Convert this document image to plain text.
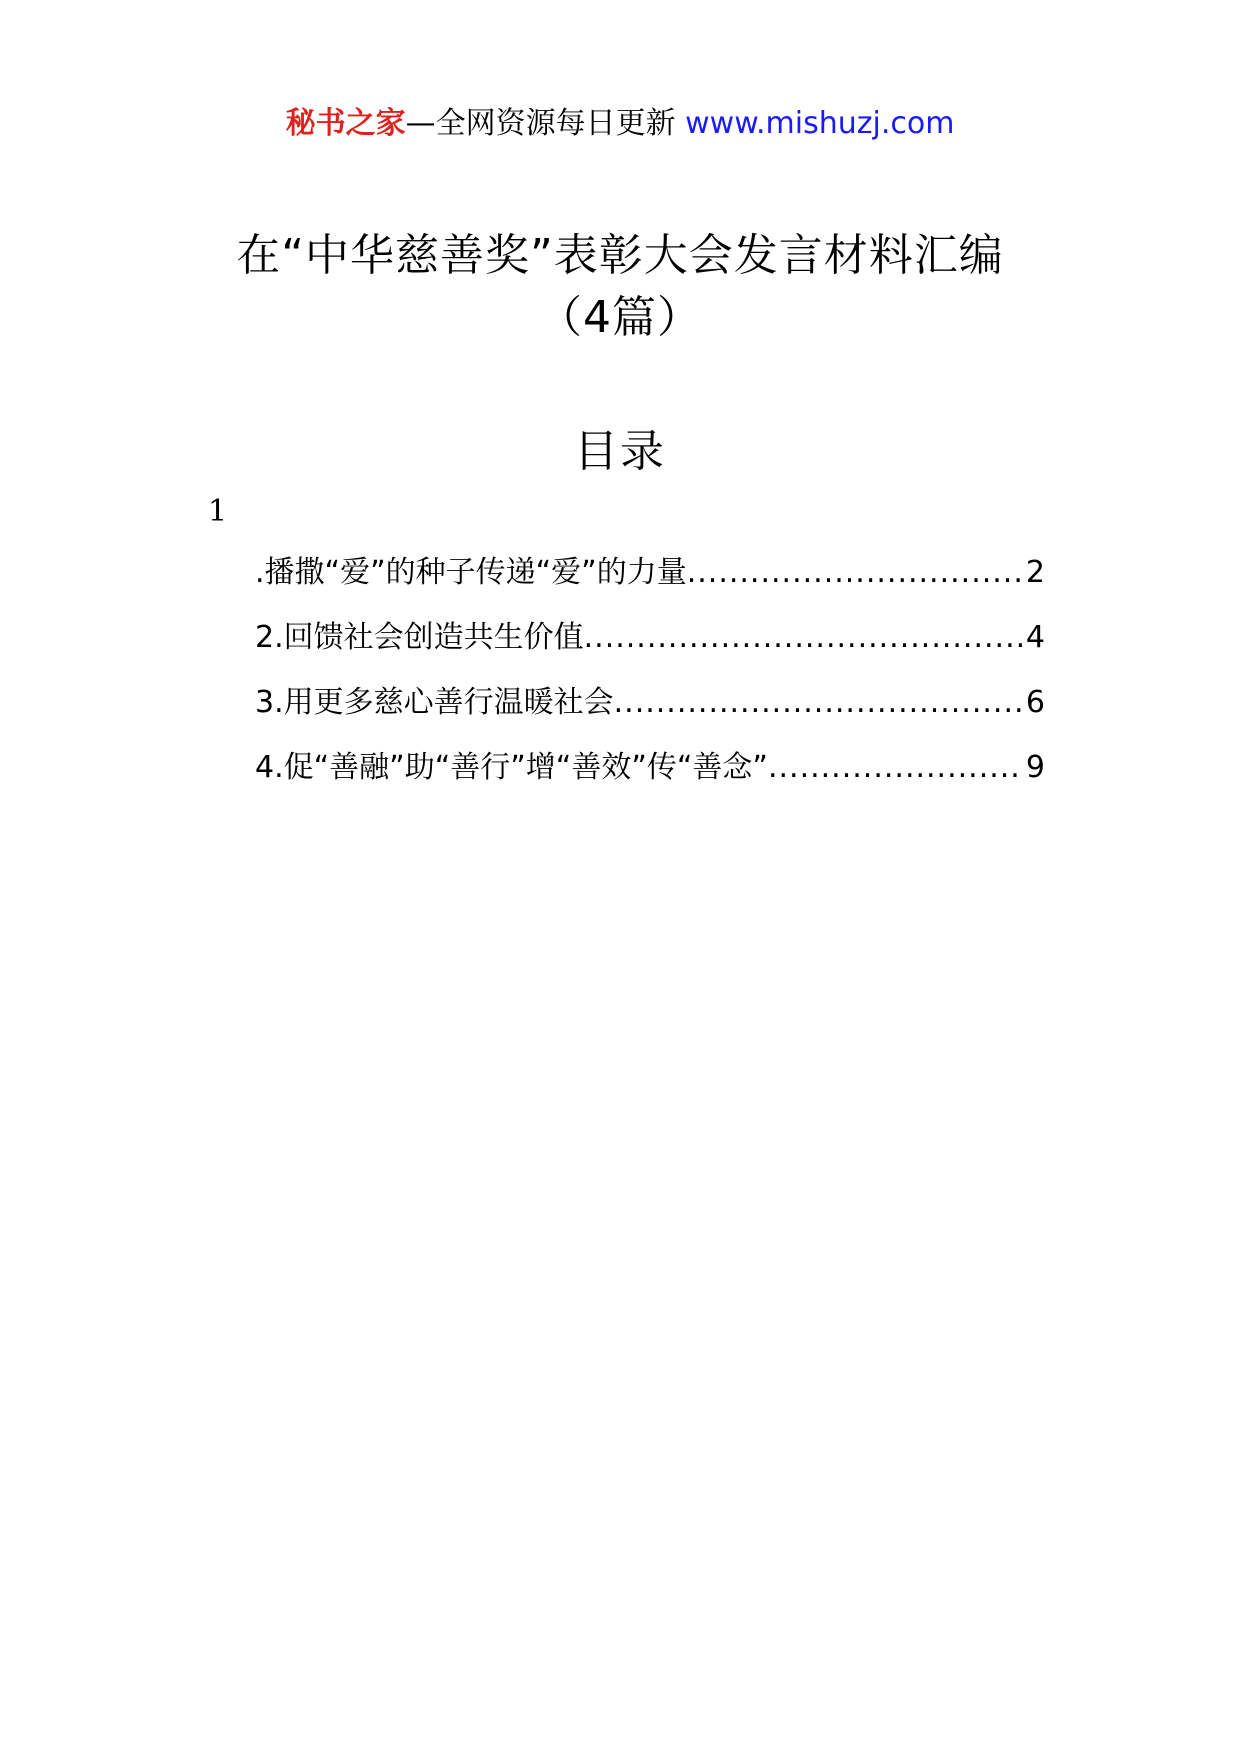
秘书之家—全网资源每日更新 www.mishuzj.com
在“中华慈善奖”表彰大会发言材料汇编
（4篇）
目录
1
.播撒“爱”的种子传递“爱”的力量 .....	2
2.回馈社会创造共生价值 .....	4
3.用更多慈心善行温暖社会 .....	6
4.促“善融”助“善行”增“善效”传“善念” .....	9
